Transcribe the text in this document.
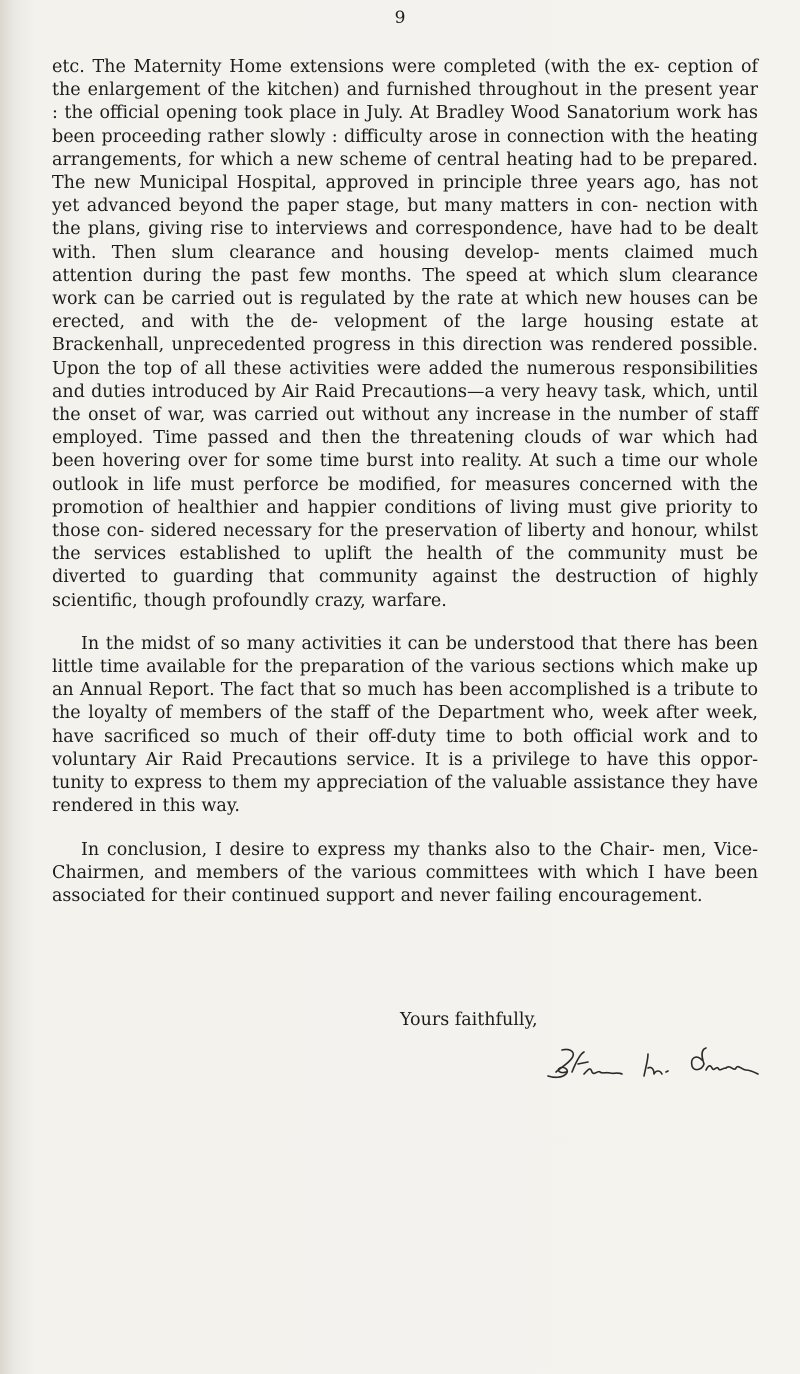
9

etc. The Maternity Home extensions were completed (with the ex- ception of the enlargement of the kitchen) and furnished throughout in the present year : the official opening took place in July. At Bradley Wood Sanatorium work has been proceeding rather slowly : difficulty arose in connection with the heating arrangements, for which a new scheme of central heating had to be prepared. The new Municipal Hospital, approved in principle three years ago, has not yet advanced beyond the paper stage, but many matters in con- nection with the plans, giving rise to interviews and correspondence, have had to be dealt with. Then slum clearance and housing develop- ments claimed much attention during the past few months. The speed at which slum clearance work can be carried out is regulated by the rate at which new houses can be erected, and with the de- velopment of the large housing estate at Brackenhall, unprecedented progress in this direction was rendered possible. Upon the top of all these activities were added the numerous responsibilities and duties introduced by Air Raid Precautions—a very heavy task, which, until the onset of war, was carried out without any increase in the number of staff employed. Time passed and then the threatening clouds of war which had been hovering over for some time burst into reality. At such a time our whole outlook in life must perforce be modified, for measures concerned with the promotion of healthier and happier conditions of living must give priority to those con- sidered necessary for the preservation of liberty and honour, whilst the services established to uplift the health of the community must be diverted to guarding that community against the destruction of highly scientific, though profoundly crazy, warfare.

In the midst of so many activities it can be understood that there has been little time available for the preparation of the various sections which make up an Annual Report. The fact that so much has been accomplished is a tribute to the loyalty of members of the staff of the Department who, week after week, have sacrificed so much of their off-duty time to both official work and to voluntary Air Raid Precautions service. It is a privilege to have this oppor- tunity to express to them my appreciation of the valuable assistance they have rendered in this way.

In conclusion, I desire to express my thanks also to the Chair- men, Vice-Chairmen, and members of the various committees with which I have been associated for their continued support and never failing encouragement.

Yours faithfully,
